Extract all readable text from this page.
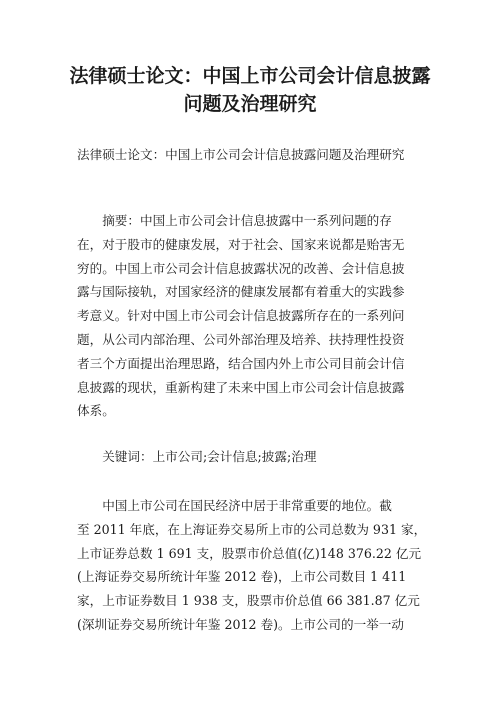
法律硕士论文：中国上市公司会计信息披露
问题及治理研究

法律硕士论文：中国上市公司会计信息披露问题及治理研究

　　摘要：中国上市公司会计信息披露中一系列问题的存
在，对于股市的健康发展，对于社会、国家来说都是贻害无
穷的。中国上市公司会计信息披露状况的改善、会计信息披
露与国际接轨，对国家经济的健康发展都有着重大的实践参
考意义。针对中国上市公司会计信息披露所存在的一系列问
题，从公司内部治理、公司外部治理及培养、扶持理性投资
者三个方面提出治理思路，结合国内外上市公司目前会计信
息披露的现状，重新构建了未来中国上市公司会计信息披露
体系。
　　关键词：上市公司;会计信息;披露;治理
　　中国上市公司在国民经济中居于非常重要的地位。截
至 2011 年底，在上海证券交易所上市的公司总数为 931 家，
上市证券总数 1 691 支，股票市价总值(亿)148 376.22 亿元
(上海证券交易所统计年鉴 2012 卷)，上市公司数目 1 411
家，上市证券数目 1 938 支，股票市价总值 66 381.87 亿元
(深圳证券交易所统计年鉴 2012 卷)。上市公司的一举一动
